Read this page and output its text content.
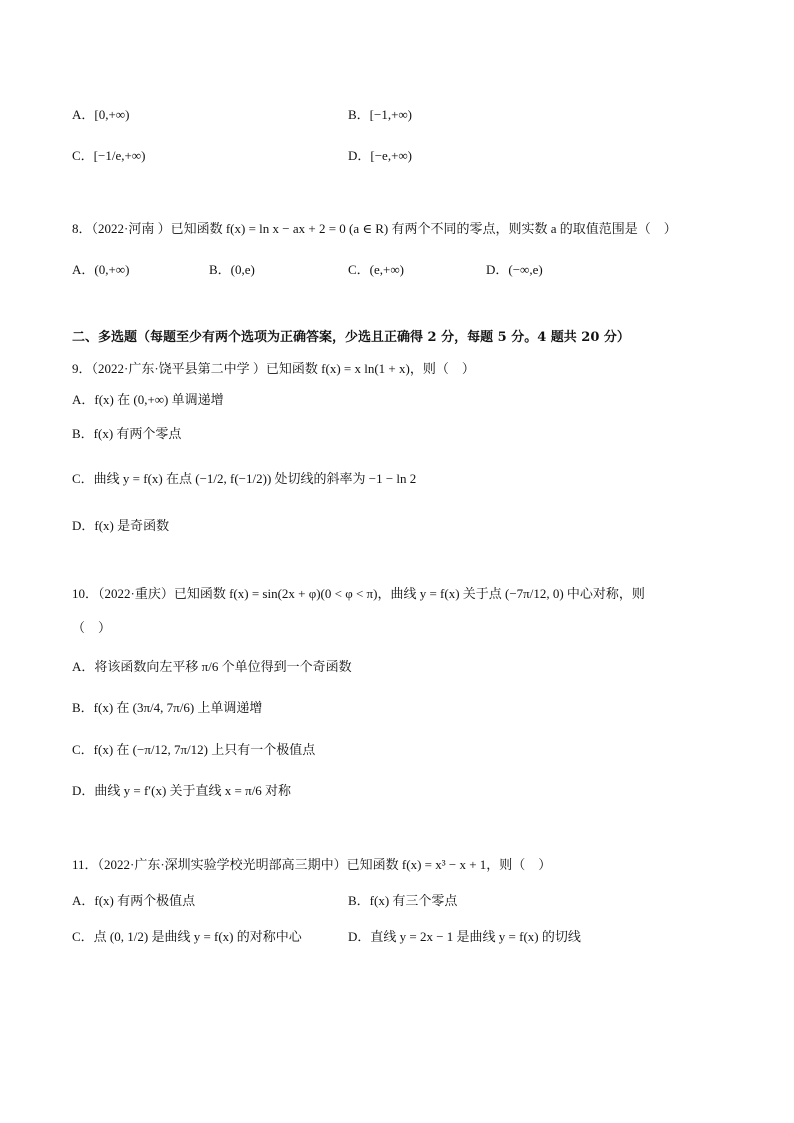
A．[0,+∞)	B．[−1,+∞)
C．[−1/e,+∞)	D．[−e,+∞)
8．（2022·河南 ）已知函数 f(x) = ln x − ax + 2 = 0 (a ∈ R) 有两个不同的零点，则实数 a 的取值范围是（　）
A．(0,+∞)	B．(0,e)	C．(e,+∞)	D．(−∞,e)
二、多选题（每题至少有两个选项为正确答案，少选且正确得 2 分，每题 5 分。4 题共 20 分）
9．（2022·广东·饶平县第二中学 ）已知函数 f(x) = x ln(1 + x)，则（　）
A．f(x) 在 (0,+∞) 单调递增
B．f(x) 有两个零点
C．曲线 y = f(x) 在点 (−1/2, f(−1/2)) 处切线的斜率为 −1 − ln 2
D．f(x) 是奇函数
10．（2022·重庆）已知函数 f(x) = sin(2x + φ)(0 < φ < π)，曲线 y = f(x) 关于点 (−7π/12, 0) 中心对称，则
（　）
A．将该函数向左平移 π/6 个单位得到一个奇函数
B．f(x) 在 (3π/4, 7π/6) 上单调递增
C．f(x) 在 (−π/12, 7π/12) 上只有一个极值点
D．曲线 y = f′(x) 关于直线 x = π/6 对称
11．（2022·广东·深圳实验学校光明部高三期中）已知函数 f(x) = x³ − x + 1，则（　）
A．f(x) 有两个极值点	B．f(x) 有三个零点
C．点 (0, 1/2) 是曲线 y = f(x) 的对称中心	D．直线 y = 2x − 1 是曲线 y = f(x) 的切线
